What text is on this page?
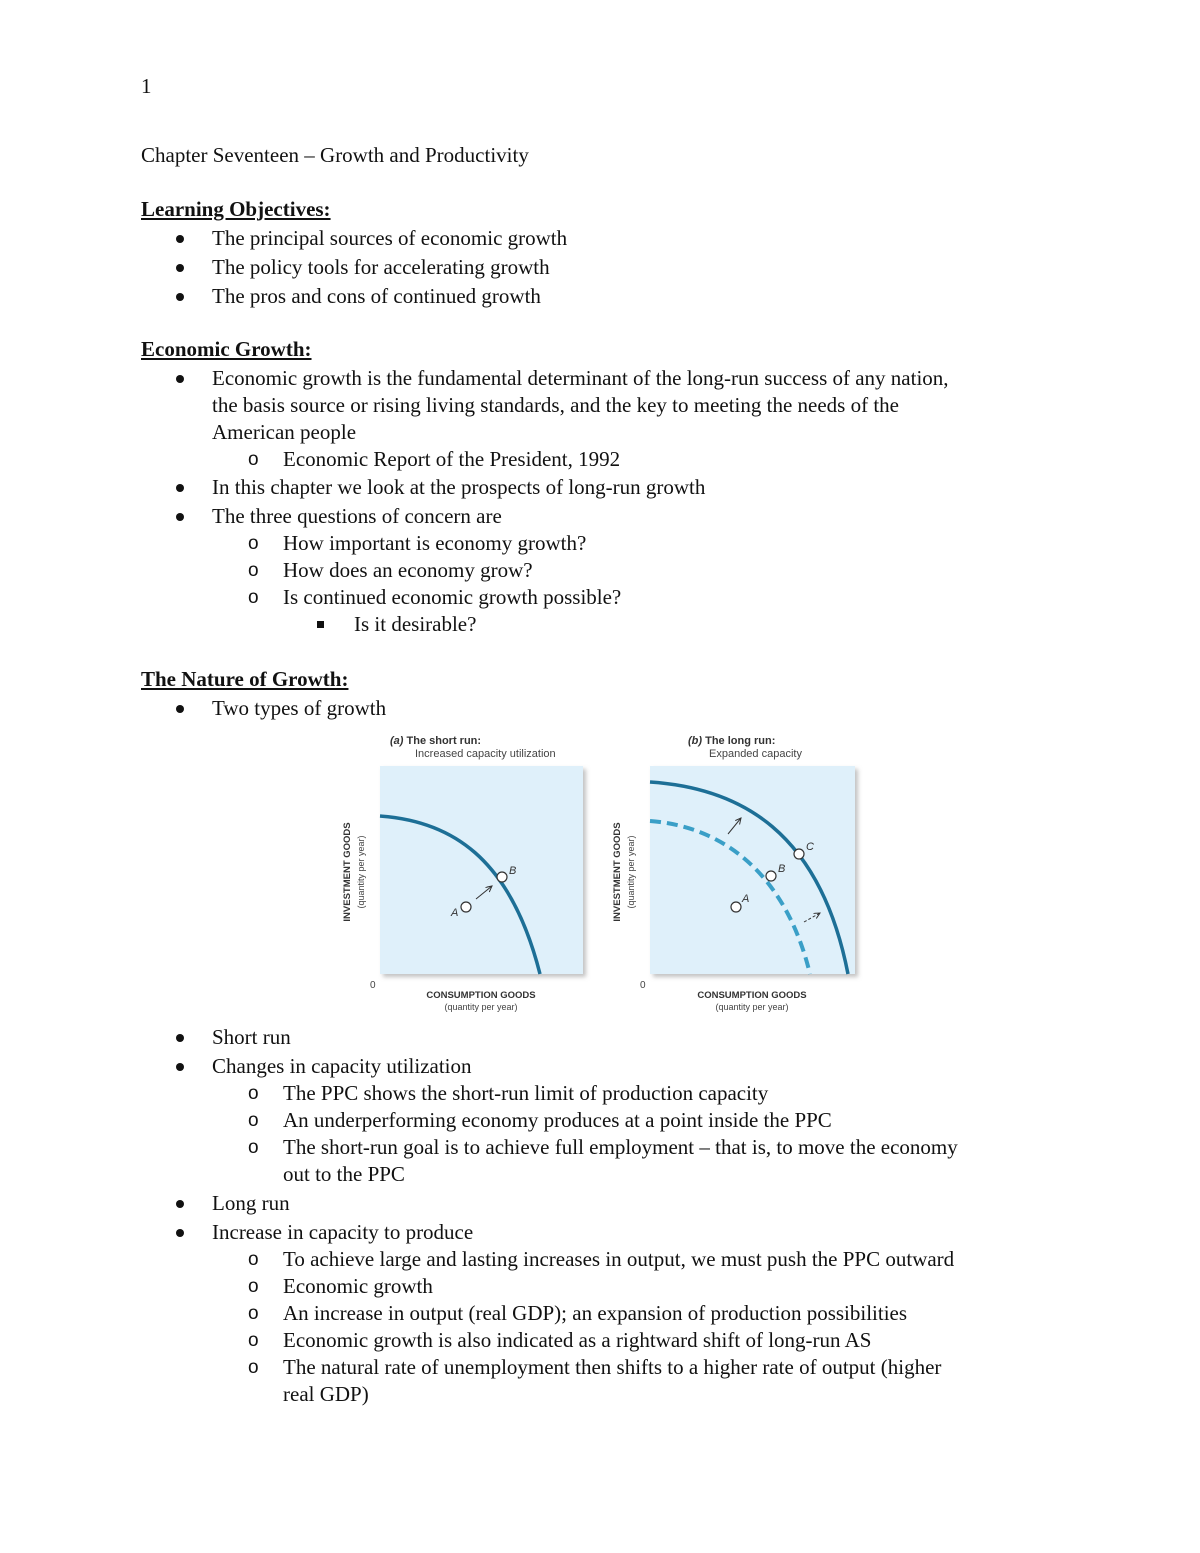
1
Chapter Seventeen – Growth and Productivity
Learning Objectives:
The principal sources of economic growth
The policy tools for accelerating growth
The pros and cons of continued growth
Economic Growth:
Economic growth is the fundamental determinant of the long-run success of any nation,
the basis source or rising living standards, and the key to meeting the needs of the
American people
o Economic Report of the President, 1992
In this chapter we look at the prospects of long-run growth
The three questions of concern are
o How important is economy growth?
o How does an economy grow?
o Is continued economic growth possible?
Is it desirable?
The Nature of Growth:
Two types of growth
(a) The short run:
Increased capacity utilization
B
A
INVESTMENT GOODS (quantity per year)
0
CONSUMPTION GOODS
(quantity per year)
(b) The long run:
Expanded capacity
C
B
A
INVESTMENT GOODS (quantity per year)
0
CONSUMPTION GOODS
(quantity per year)
Short run
Changes in capacity utilization
o The PPC shows the short-run limit of production capacity
o An underperforming economy produces at a point inside the PPC
o The short-run goal is to achieve full employment – that is, to move the economy
out to the PPC
Long run
Increase in capacity to produce
o To achieve large and lasting increases in output, we must push the PPC outward
o Economic growth
o An increase in output (real GDP); an expansion of production possibilities
o Economic growth is also indicated as a rightward shift of long-run AS
o The natural rate of unemployment then shifts to a higher rate of output (higher
real GDP)
